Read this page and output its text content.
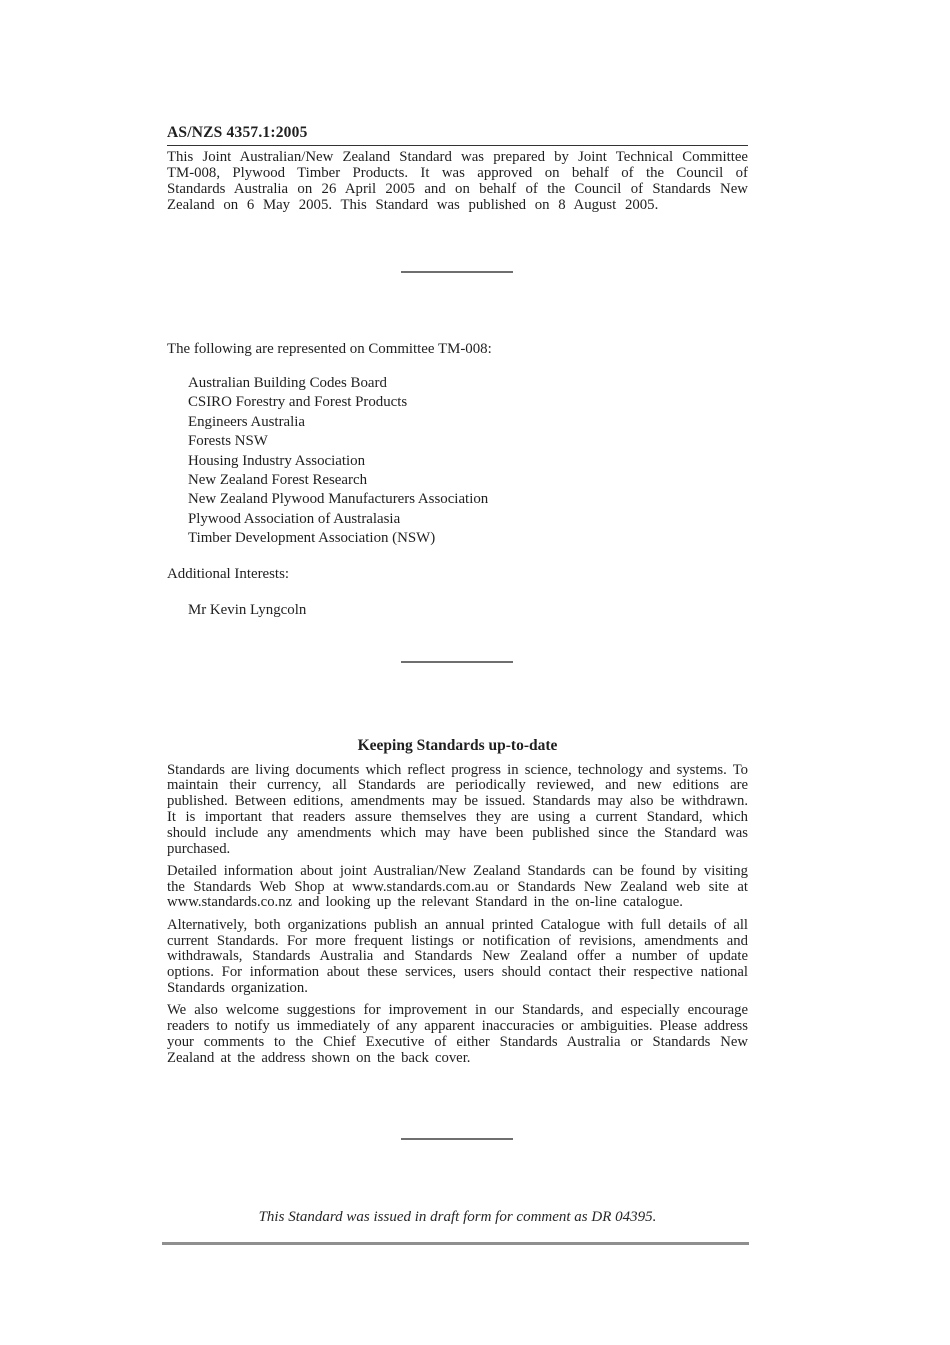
AS/NZS 4357.1:2005

This Joint Australian/New Zealand Standard was prepared by Joint Technical Committee TM-008, Plywood Timber Products. It was approved on behalf of the Council of Standards Australia on 26 April 2005 and on behalf of the Council of Standards New Zealand on 6 May 2005. This Standard was published on 8 August 2005.

The following are represented on Committee TM-008:

Australian Building Codes Board
CSIRO Forestry and Forest Products
Engineers Australia
Forests NSW
Housing Industry Association
New Zealand Forest Research
New Zealand Plywood Manufacturers Association
Plywood Association of Australasia
Timber Development Association (NSW)

Additional Interests:

Mr Kevin Lyngcoln

Keeping Standards up-to-date

Standards are living documents which reflect progress in science, technology and systems. To maintain their currency, all Standards are periodically reviewed, and new editions are published. Between editions, amendments may be issued. Standards may also be withdrawn. It is important that readers assure themselves they are using a current Standard, which should include any amendments which may have been published since the Standard was purchased.

Detailed information about joint Australian/New Zealand Standards can be found by visiting the Standards Web Shop at www.standards.com.au or Standards New Zealand web site at www.standards.co.nz and looking up the relevant Standard in the on-line catalogue.

Alternatively, both organizations publish an annual printed Catalogue with full details of all current Standards. For more frequent listings or notification of revisions, amendments and withdrawals, Standards Australia and Standards New Zealand offer a number of update options. For information about these services, users should contact their respective national Standards organization.

We also welcome suggestions for improvement in our Standards, and especially encourage readers to notify us immediately of any apparent inaccuracies or ambiguities. Please address your comments to the Chief Executive of either Standards Australia or Standards New Zealand at the address shown on the back cover.

This Standard was issued in draft form for comment as DR 04395.
